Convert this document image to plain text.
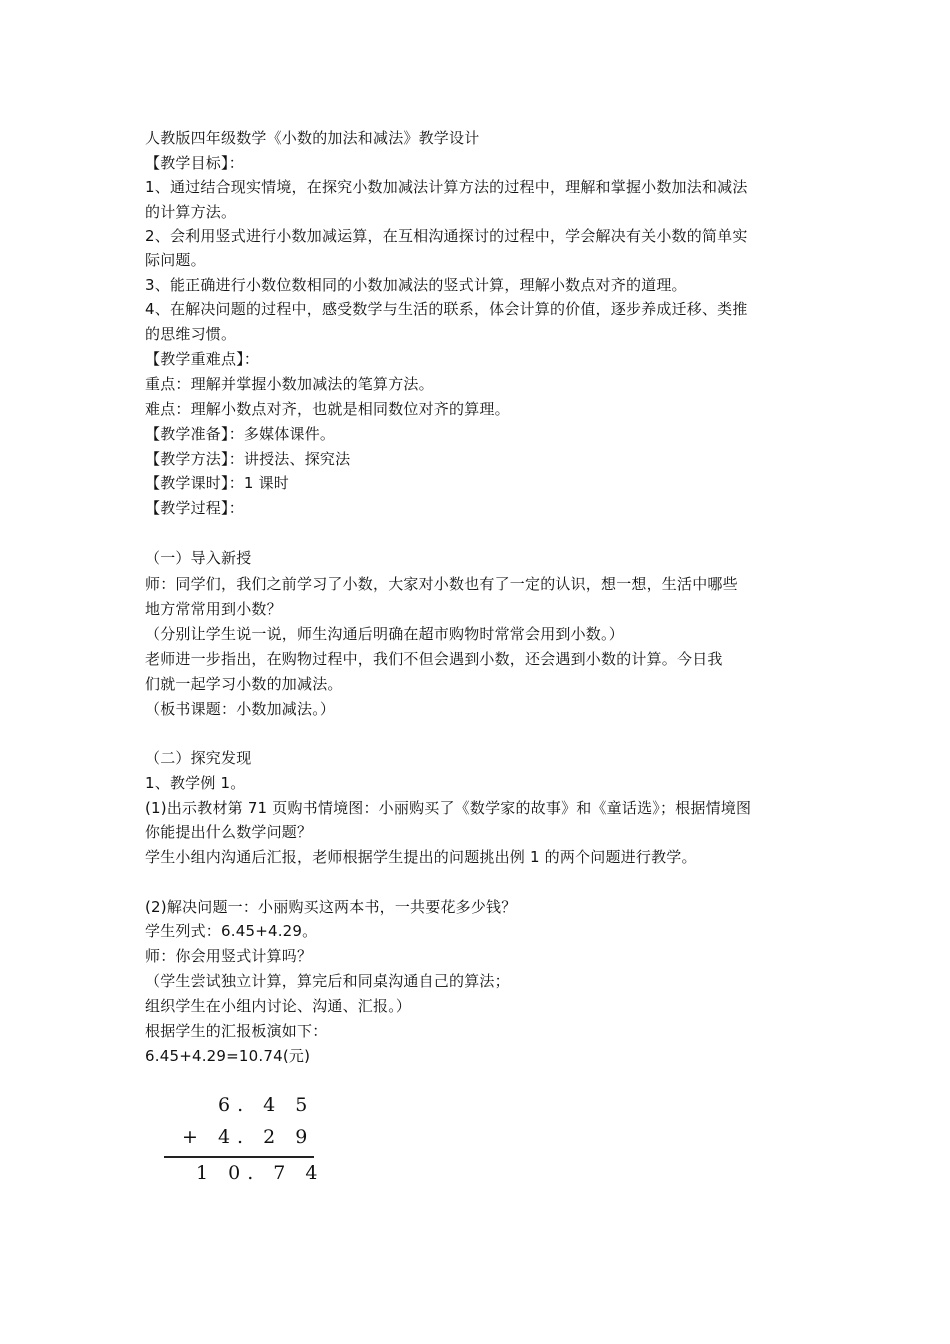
人教版四年级数学《小数的加法和减法》教学设计
【教学目标】：
1、通过结合现实情境，在探究小数加减法计算方法的过程中，理解和掌握小数加法和减法
的计算方法。
2、会利用竖式进行小数加减运算，在互相沟通探讨的过程中，学会解决有关小数的简单实
际问题。
3、能正确进行小数位数相同的小数加减法的竖式计算，理解小数点对齐的道理。
4、在解决问题的过程中，感受数学与生活的联系，体会计算的价值，逐步养成迁移、类推
的思维习惯。
【教学重难点】：
重点：理解并掌握小数加减法的笔算方法。
难点：理解小数点对齐，也就是相同数位对齐的算理。
【教学准备】：多媒体课件。
【教学方法】：讲授法、探究法
【教学课时】：1 课时
【教学过程】：
（一）导入新授
师：同学们，我们之前学习了小数，大家对小数也有了一定的认识，想一想，生活中哪些
地方常常用到小数？
（分别让学生说一说，师生沟通后明确在超市购物时常常会用到小数。）
老师进一步指出，在购物过程中，我们不但会遇到小数，还会遇到小数的计算。今日我
们就一起学习小数的加减法。
（板书课题：小数加减法。）
（二）探究发现
1、教学例 1。
(1)出示教材第 71 页购书情境图：小丽购买了《数学家的故事》和《童话选》；根据情境图
你能提出什么数学问题？
学生小组内沟通后汇报，老师根据学生提出的问题挑出例 1 的两个问题进行教学。
(2)解决问题一：小丽购买这两本书，一共要花多少钱？
学生列式：6.45+4.29。
师：你会用竖式计算吗？
（学生尝试独立计算，算完后和同桌沟通自己的算法；
组织学生在小组内讨论、沟通、汇报。）
根据学生的汇报板演如下：
6.45+4.29=10.74(元)
6. 4 5
+ 4. 2 9
1 0. 7 4
